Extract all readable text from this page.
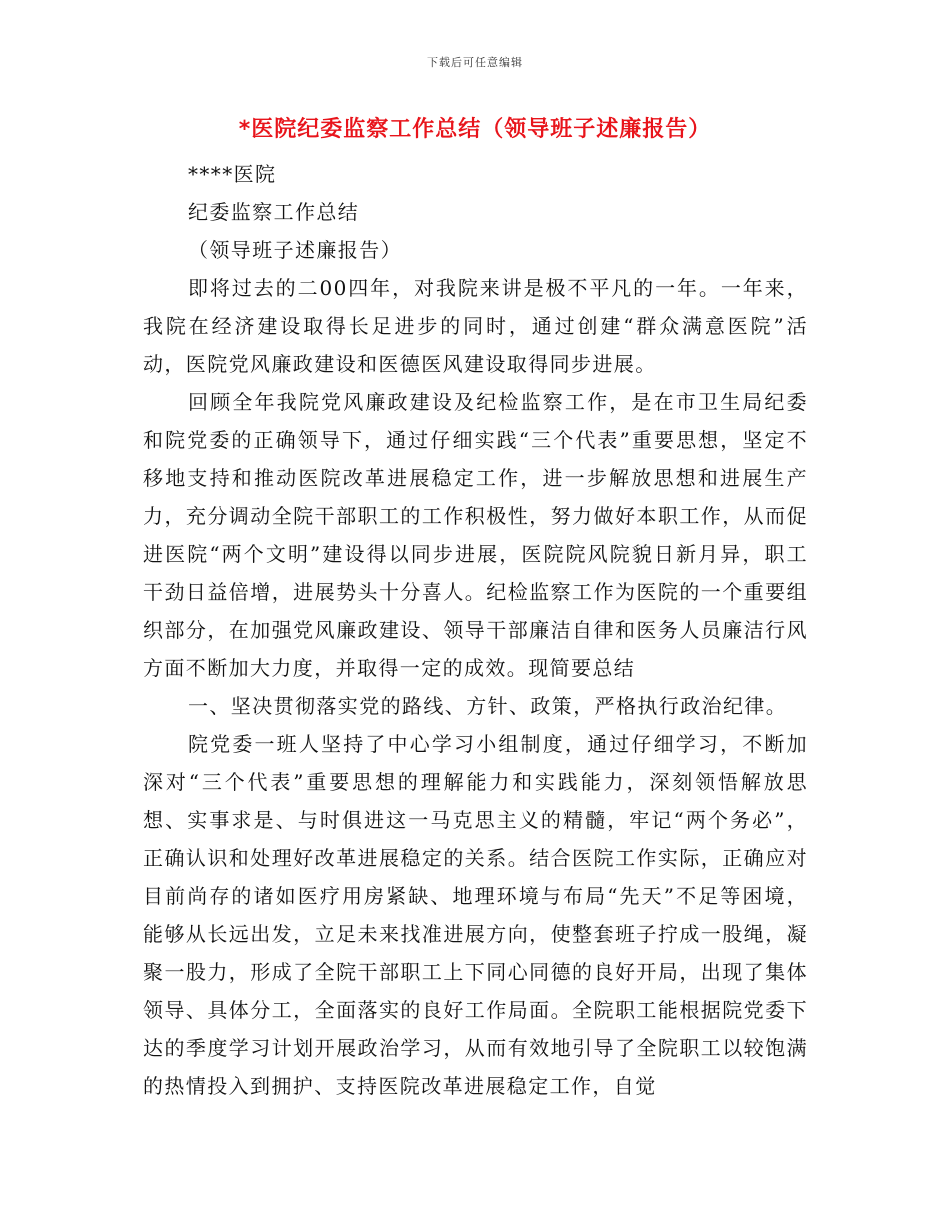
下载后可任意编辑
*医院纪委监察工作总结（领导班子述廉报告）

****医院

纪委监察工作总结

（领导班子述廉报告）

即将过去的二00四年，对我院来讲是极不平凡的一年。一年来，我院在经济建设取得长足进步的同时，通过创建“群众满意医院”活动，医院党风廉政建设和医德医风建设取得同步进展。

回顾全年我院党风廉政建设及纪检监察工作，是在市卫生局纪委和院党委的正确领导下，通过仔细实践“三个代表”重要思想，坚定不移地支持和推动医院改革进展稳定工作，进一步解放思想和进展生产力，充分调动全院干部职工的工作积极性，努力做好本职工作，从而促进医院“两个文明”建设得以同步进展，医院院风院貌日新月异，职工干劲日益倍增，进展势头十分喜人。纪检监察工作为医院的一个重要组织部分，在加强党风廉政建设、领导干部廉洁自律和医务人员廉洁行风方面不断加大力度，并取得一定的成效。现简要总结

一、坚决贯彻落实党的路线、方针、政策，严格执行政治纪律。

院党委一班人坚持了中心学习小组制度，通过仔细学习，不断加深对“三个代表”重要思想的理解能力和实践能力，深刻领悟解放思想、实事求是、与时俱进这一马克思主义的精髓，牢记“两个务必”，正确认识和处理好改革进展稳定的关系。结合医院工作实际，正确应对目前尚存的诸如医疗用房紧缺、地理环境与布局“先天”不足等困境，能够从长远出发，立足未来找准进展方向，使整套班子拧成一股绳，凝聚一股力，形成了全院干部职工上下同心同德的良好开局，出现了集体领导、具体分工，全面落实的良好工作局面。全院职工能根据院党委下达的季度学习计划开展政治学习，从而有效地引导了全院职工以较饱满的热情投入到拥护、支持医院改革进展稳定工作，自觉
